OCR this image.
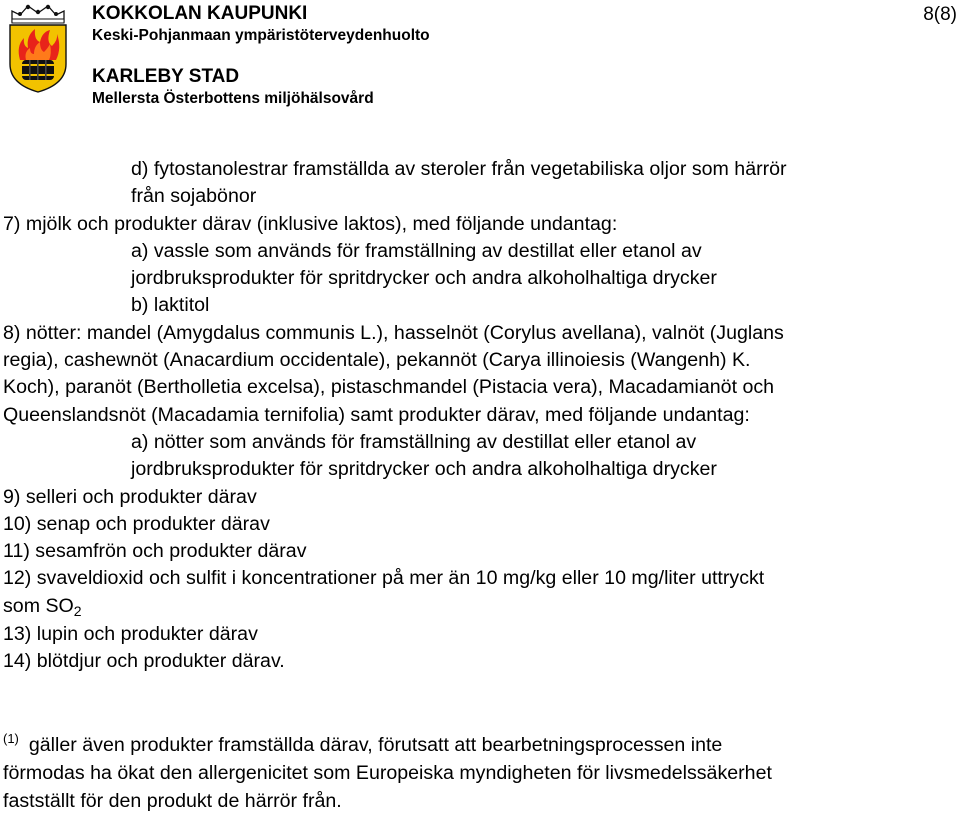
KOKKOLAN KAUPUNKI
Keski-Pohjanmaan ympäristöterveydenhuolto
KARLEBY STAD
Mellersta Österbottens miljöhälsovård
8(8)

d) fytostanolestrar framställda av steroler från vegetabiliska oljor som härrör

från sojabönor

7) mjölk och produkter därav (inklusive laktos), med följande undantag:

a) vassle som används för framställning av destillat eller etanol av

jordbruksprodukter för spritdrycker och andra alkoholhaltiga drycker

b) laktitol

8) nötter: mandel (Amygdalus communis L.), hasselnöt (Corylus avellana), valnöt (Juglans

regia), cashewnöt (Anacardium occidentale), pekannöt (Carya illinoiesis (Wangenh) K.

Koch), paranöt (Bertholletia excelsa), pistaschmandel (Pistacia vera), Macadamianöt och

Queenslandsnöt (Macadamia ternifolia) samt produkter därav, med följande undantag:

a) nötter som används för framställning av destillat eller etanol av

jordbruksprodukter för spritdrycker och andra alkoholhaltiga drycker

9) selleri och produkter därav

10) senap och produkter därav

11) sesamfrön och produkter därav

12) svaveldioxid och sulfit i koncentrationer på mer än 10 mg/kg eller 10 mg/liter uttryckt

som $SO_2$

13) lupin och produkter därav

14) blötdjur och produkter därav.

$^{(1)}$ gäller även produkter framställda därav, förutsatt att bearbetningsprocessen inte

förmodas ha ökat den allergenicitet som Europeiska myndigheten för livsmedelssäkerhet

fastställt för den produkt de härrör från.
